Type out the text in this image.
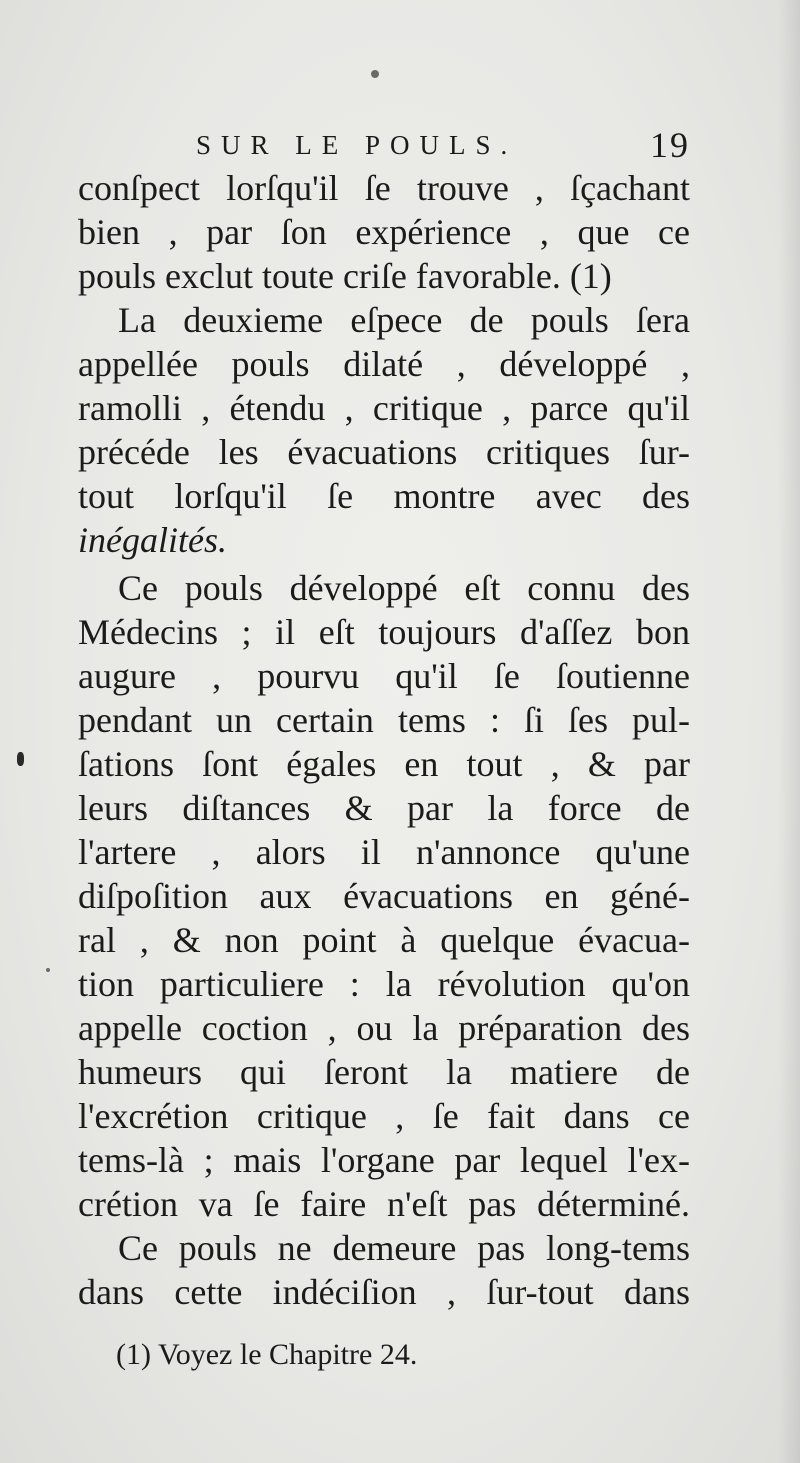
SUR LE POULS.	19
conſpect lorſqu'il ſe trouve , ſçachant
bien , par ſon expérience , que ce
pouls exclut toute criſe favorable. (1)
La deuxieme eſpece de pouls ſera
appellée pouls dilaté , développé ,
ramolli , étendu , critique , parce qu'il
précéde les évacuations critiques ſur-
tout lorſqu'il ſe montre avec des
inégalités.
Ce pouls développé eſt connu des
Médecins ; il eſt toujours d'aſſez bon
augure , pourvu qu'il ſe ſoutienne
pendant un certain tems : ſi ſes pul-
ſations ſont égales en tout , & par
leurs diſtances & par la force de
l'artere , alors il n'annonce qu'une
diſpoſition aux évacuations en géné-
ral , & non point à quelque évacua-
tion particuliere : la révolution qu'on
appelle coction , ou la préparation des
humeurs qui ſeront la matiere de
l'excrétion critique , ſe fait dans ce
tems-là ; mais l'organe par lequel l'ex-
crétion va ſe faire n'eſt pas déterminé.
Ce pouls ne demeure pas long-tems
dans cette indéciſion , ſur-tout dans
(1) Voyez le Chapitre 24.
